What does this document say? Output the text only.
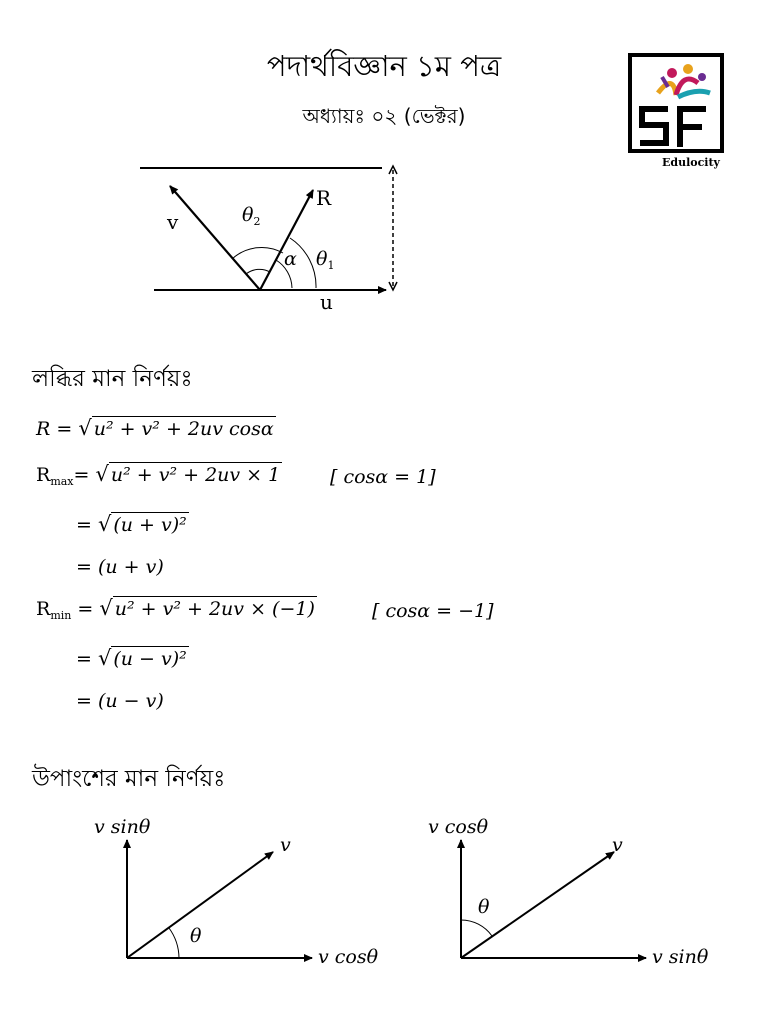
পদার্থবিজ্ঞান ১ম পত্র
অধ্যায়ঃ ০২ (ভেক্টর)
Edulocity
v
R
u
$\theta_2$
α $\theta_1$
লব্ধির মান নির্ণয়ঃ
R = √ u² + v² + 2uv cosα
$R_{max}=$ √ u² + v² + 2uv × 1	[ cosα = 1]
= √ (u + v)²
= (u + v)
$R_{min}$ = √ u² + v² + 2uv × (−1)	[ cosα = −1]
= √ (u − v)²
= (u − v)
উপাংশের মান নির্ণয়ঃ
v sinθ
v
θ
v cosθ
v cosθ
v
θ
v sinθ
